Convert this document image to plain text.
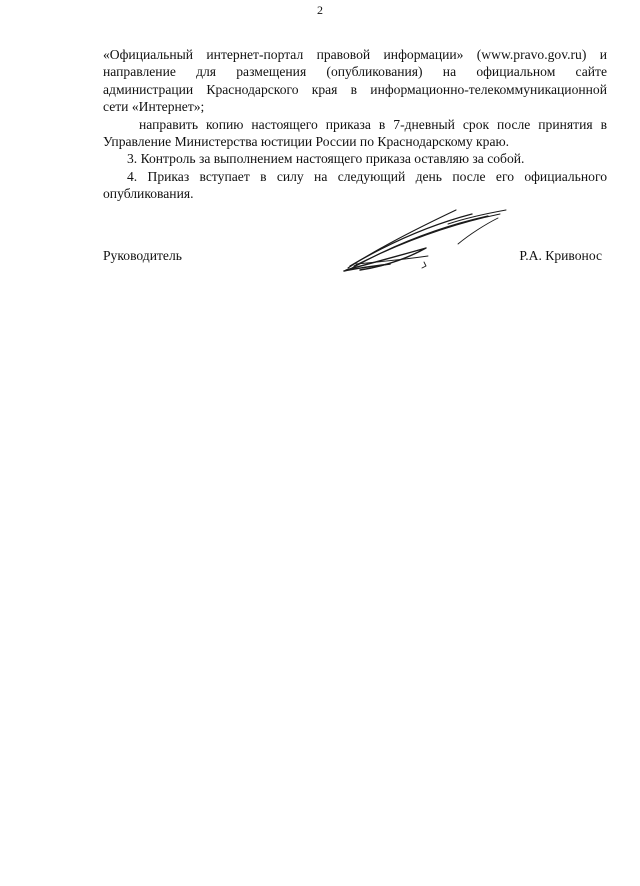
2

«Официальный интернет-портал правовой информации» (www.pravo.gov.ru) и

направление для размещения (опубликования) на официальном сайте

администрации Краснодарского края в информационно-телекоммуникационной

сети «Интернет»;

направить копию настоящего приказа в 7-дневный срок после принятия в

Управление Министерства юстиции России по Краснодарскому краю.

3. Контроль за выполнением настоящего приказа оставляю за собой.

4. Приказ вступает в силу на следующий день после его официального

опубликования.

Руководитель	Р.А. Кривонос
